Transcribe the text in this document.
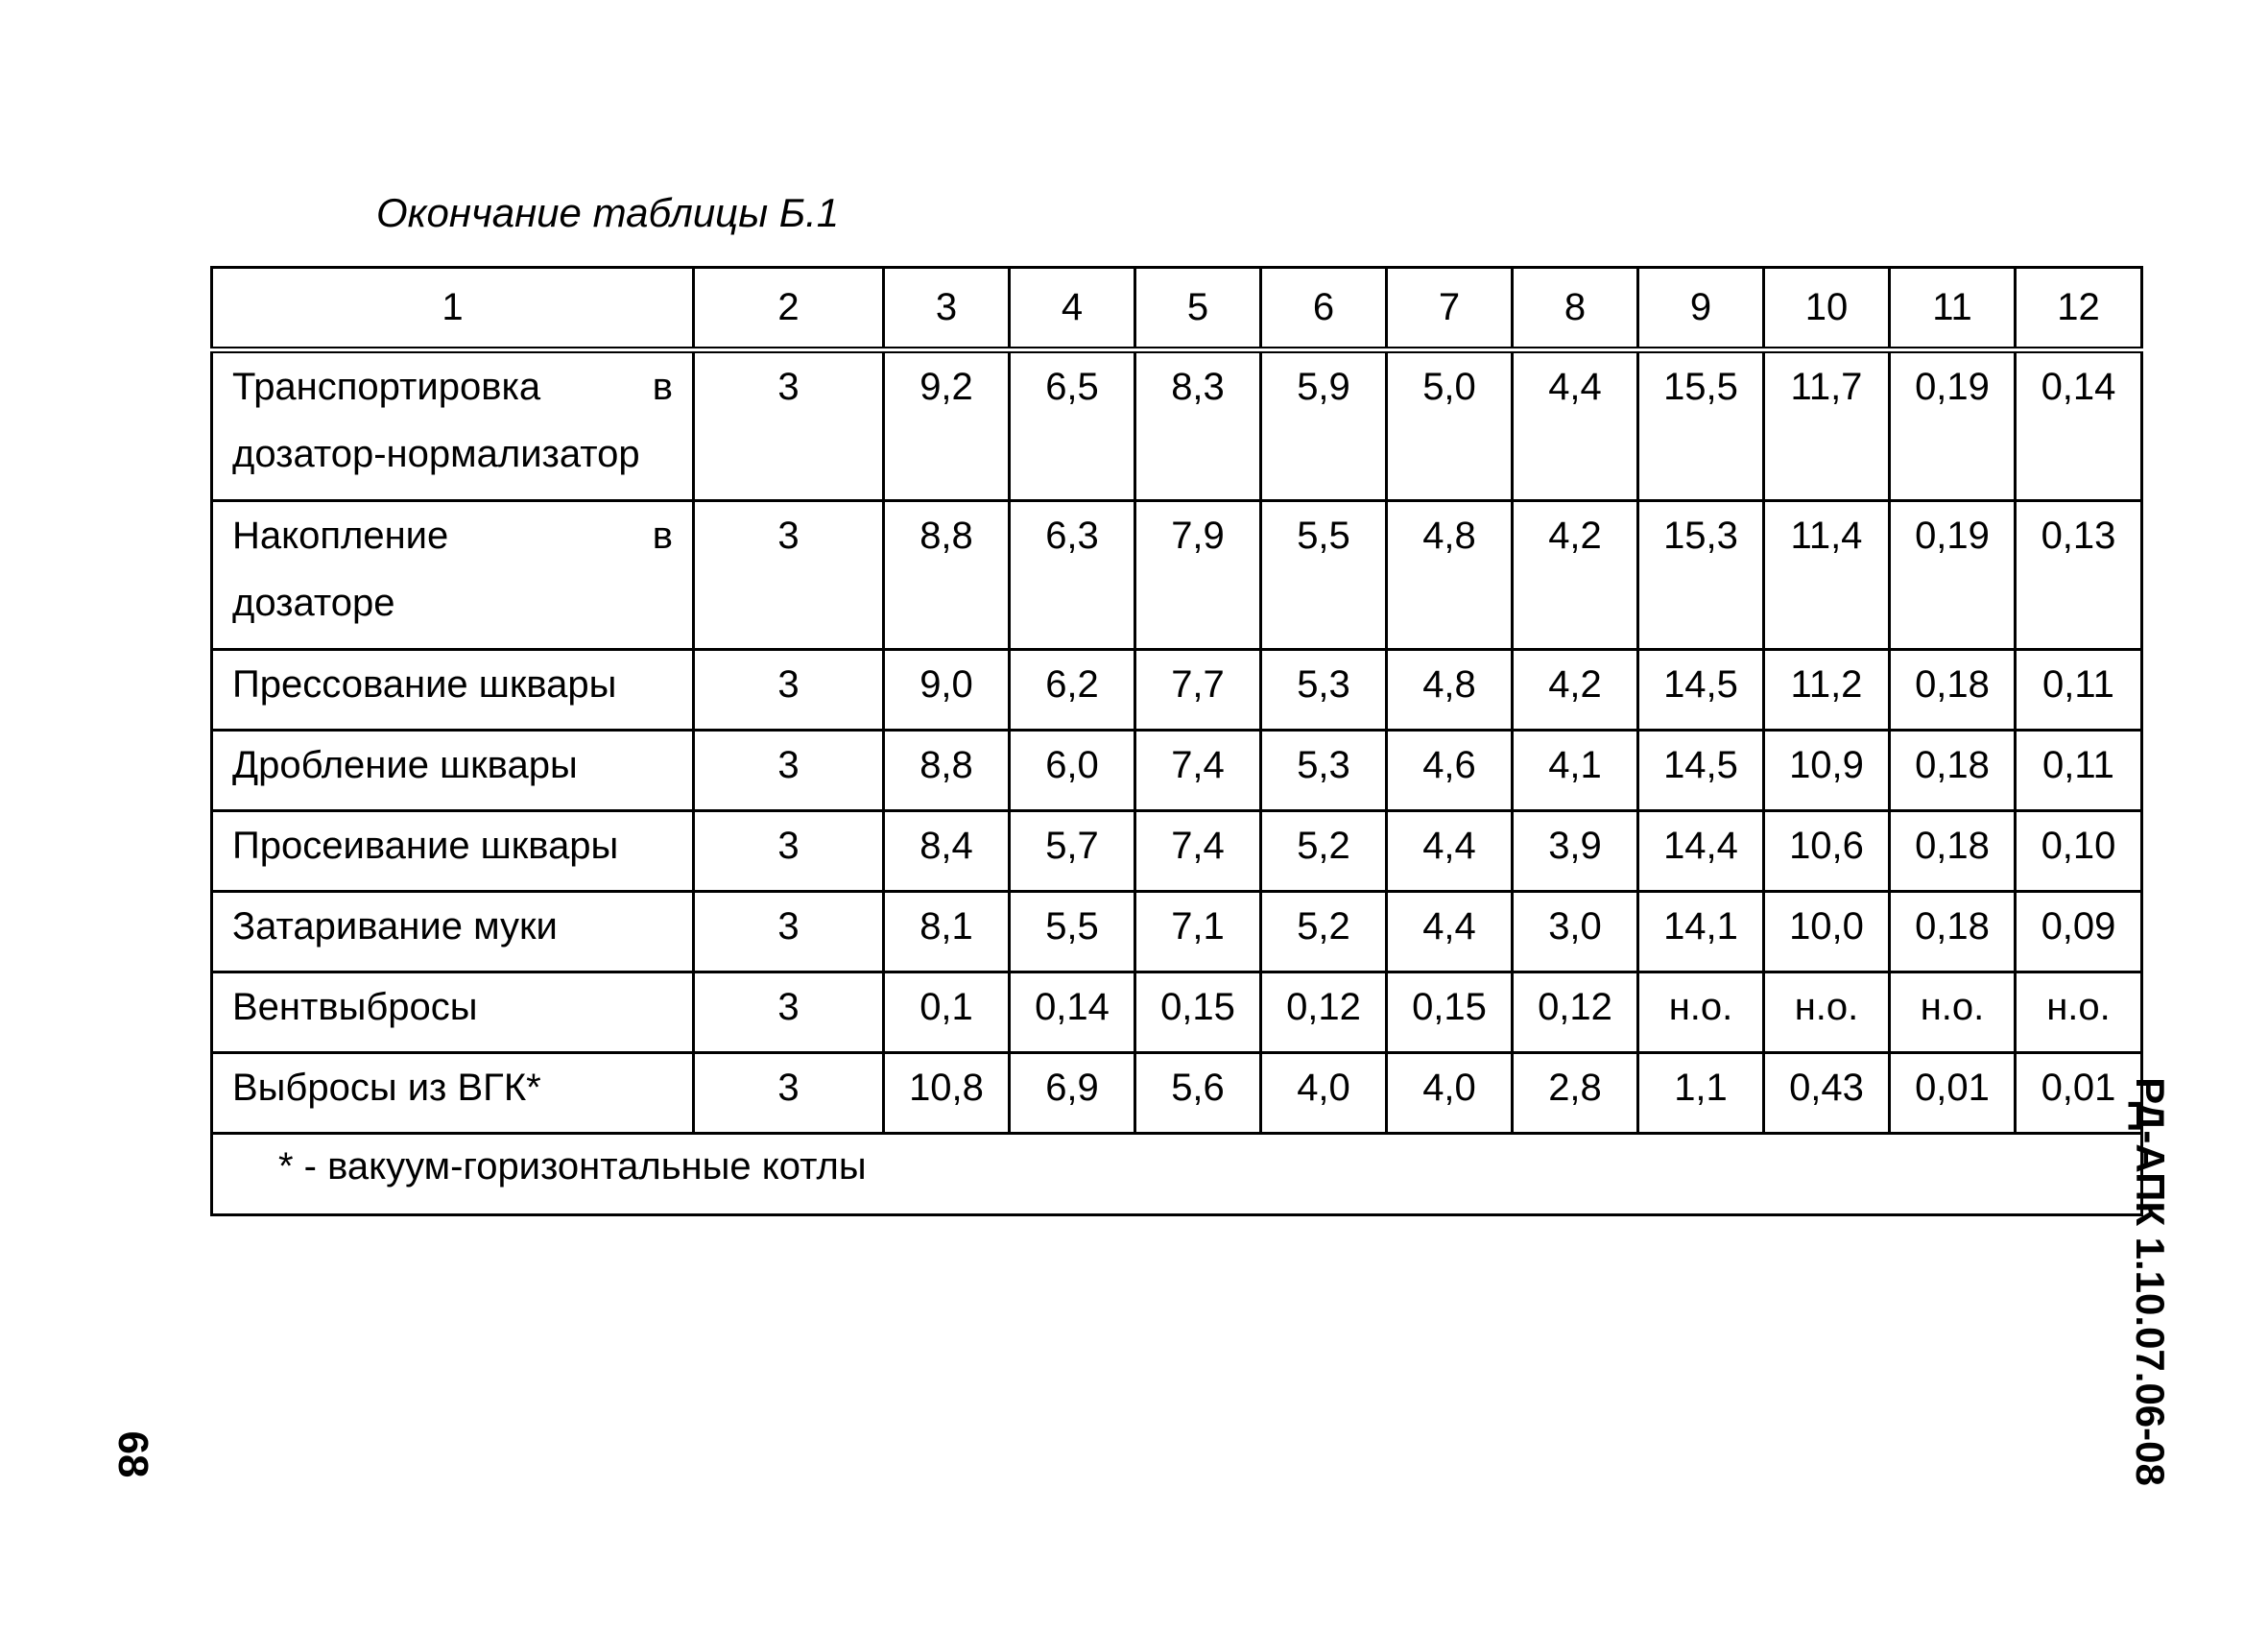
Окончание таблицы Б.1
1	2	3	4	5	6	7	8	9	10	11	12

Транспортировка в
дозатор-нормализатор	3	9,2	6,5	8,3	5,9	5,0	4,4	15,5	11,7	0,19	0,14

Накопление в
дозаторе	3	8,8	6,3	7,9	5,5	4,8	4,2	15,3	11,4	0,19	0,13
Прессование шквары	3	9,0	6,2	7,7	5,3	4,8	4,2	14,5	11,2	0,18	0,11
Дробление шквары	3	8,8	6,0	7,4	5,3	4,6	4,1	14,5	10,9	0,18	0,11
Просеивание шквары	3	8,4	5,7	7,4	5,2	4,4	3,9	14,4	10,6	0,18	0,10
Затаривание муки	3	8,1	5,5	7,1	5,2	4,4	3,0	14,1	10,0	0,18	0,09
Вентвыбросы	3	0,1	0,14	0,15	0,12	0,15	0,12	н.о.	н.о.	н.о.	н.о.
Выбросы из ВГК*	3	10,8	6,9	5,6	4,0	4,0	2,8	1,1	0,43	0,01	0,01
* - вакуум-горизонтальные котлы											
68	РД-АПК 1.10.07.06-08
